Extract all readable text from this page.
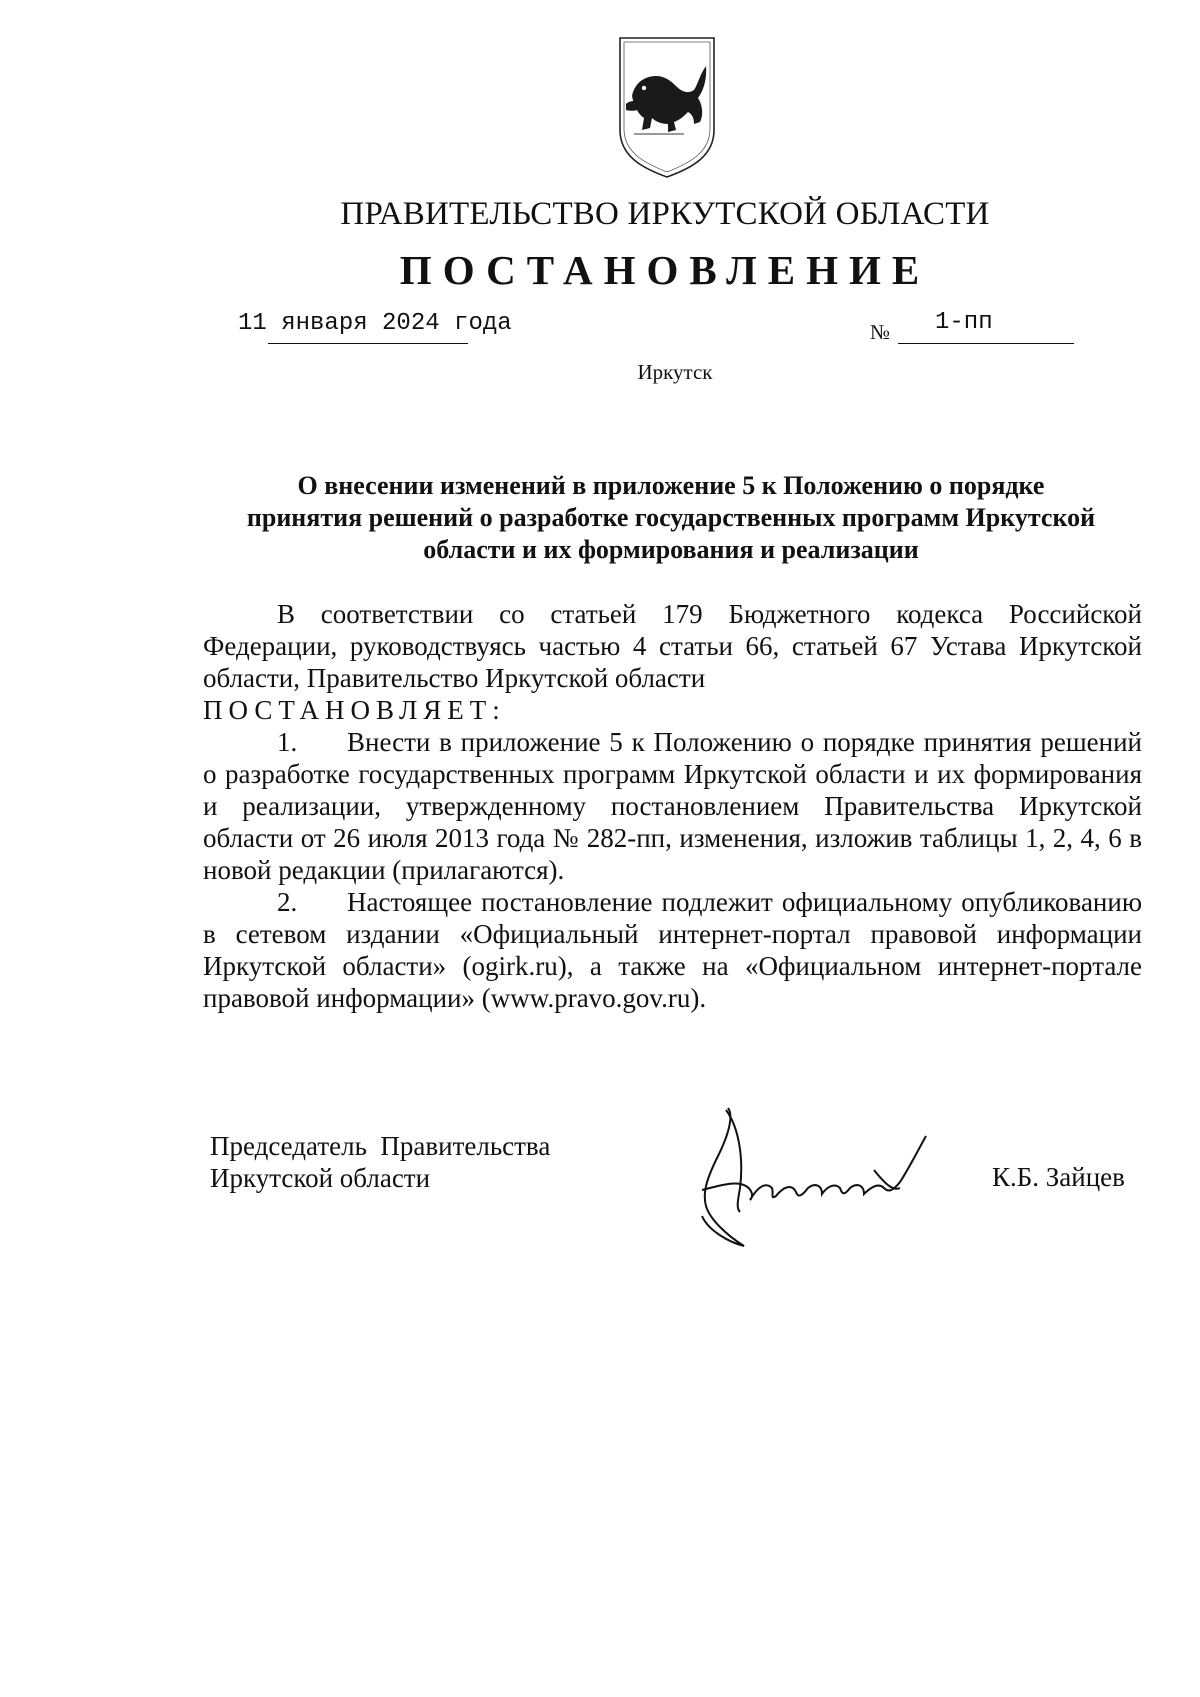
ПРАВИТЕЛЬСТВО ИРКУТСКОЙ ОБЛАСТИ
ПОСТАНОВЛЕНИЕ
11 января 2024 года	№ 1-пп
Иркутск
О внесении изменений в приложение 5 к Положению о порядке
принятия решений о разработке государственных программ Иркутской
области и их формирования и реализации

В соответствии со статьей 179 Бюджетного кодекса Российской Федерации, руководствуясь частью 4 статьи 66, статьей 67 Устава Иркутской области, Правительство Иркутской области

ПОСТАНОВЛЯЕТ:

1. Внести в приложение 5 к Положению о порядке принятия решений о разработке государственных программ Иркутской области и их формирования и реализации, утвержденному постановлением Правительства Иркутской области от 26 июля 2013 года № 282-пп, изменения, изложив таблицы 1, 2, 4, 6 в новой редакции (прилагаются).

2. Настоящее постановление подлежит официальному опубликованию в сетевом издании «Официальный интернет-портал правовой информации Иркутской области» (ogirk.ru), а также на «Официальном интернет-портале правовой информации» (www.pravo.gov.ru).

Председатель  Правительства
Иркутской области	К.Б. Зайцев
